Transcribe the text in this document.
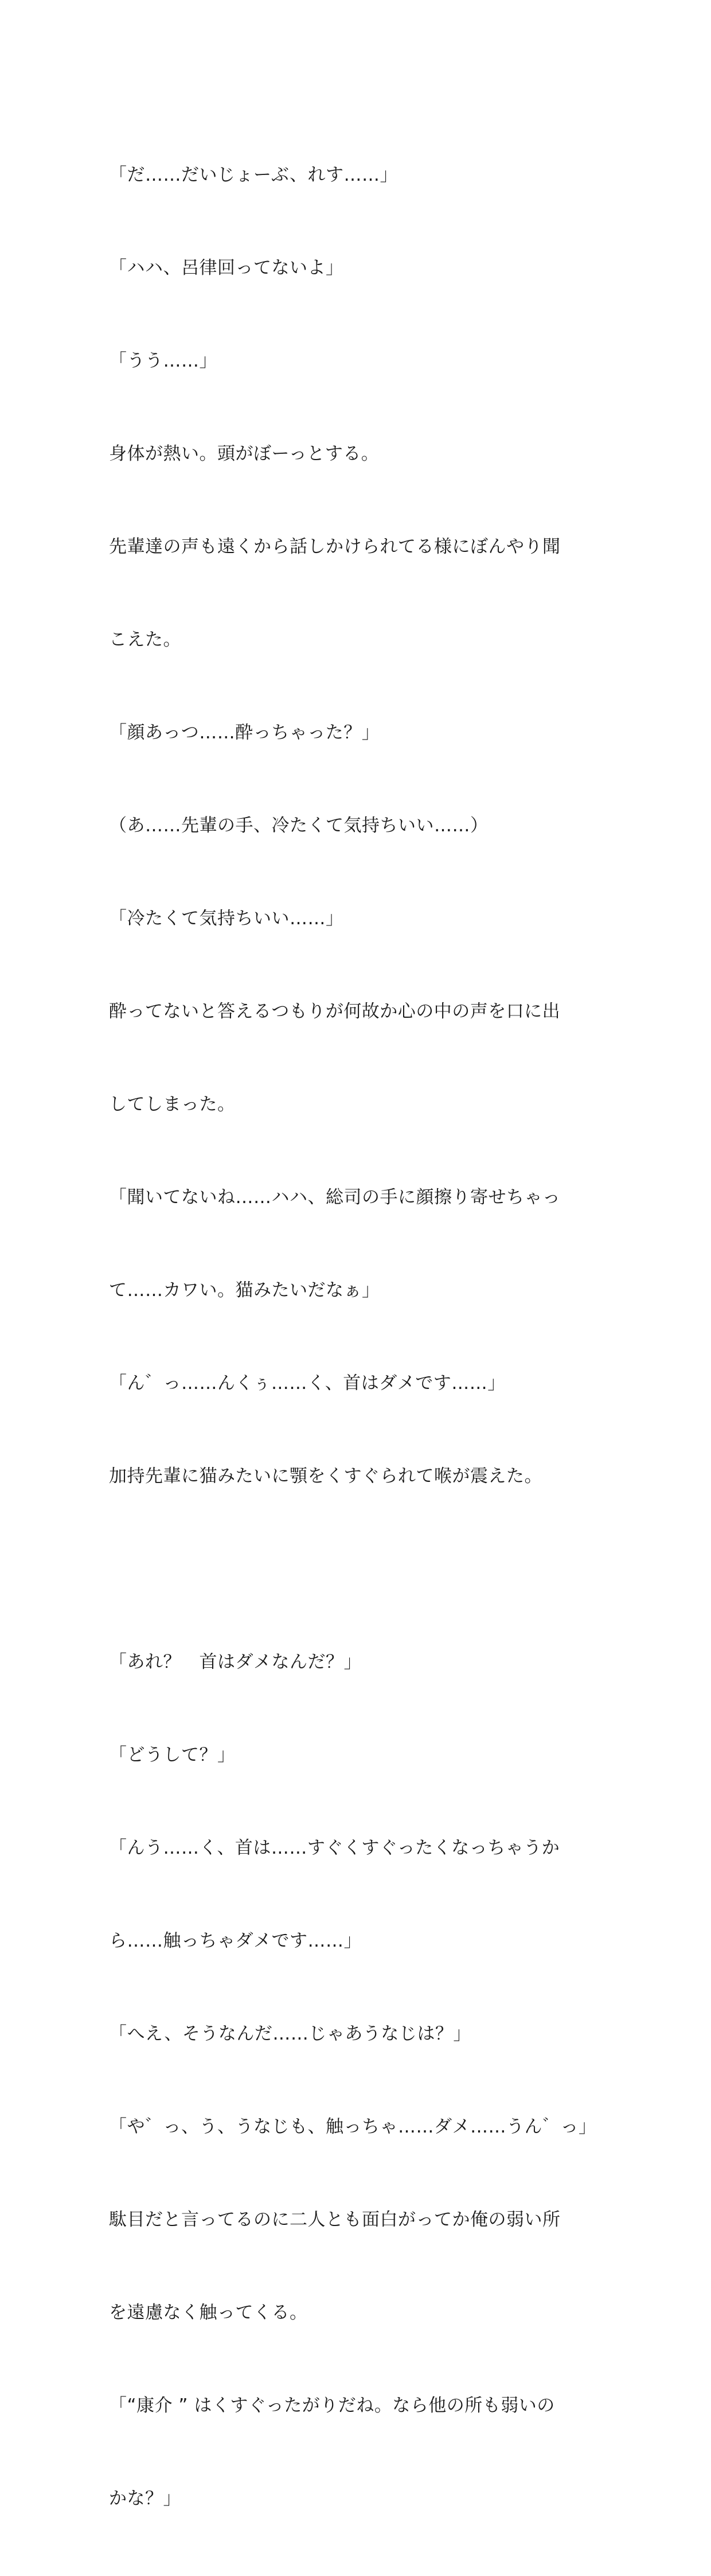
「だ……だいじょーぶ、れす……」

「ハハ、呂律回ってないよ」

「うう……」

身体が熱い。頭がぼーっとする。

先輩達の声も遠くから話しかけられてる様にぼんやり聞

こえた。

「顔あっつ……酔っちゃった？」

（あ……先輩の手、冷たくて気持ちいい……）

「冷たくて気持ちいい……」

酔ってないと答えるつもりが何故か心の中の声を口に出

してしまった。

「聞いてないね……ハハ、総司の手に顔擦り寄せちゃっ

て……カワい。猫みたいだなぁ」

「ん゛っ……んくぅ……く、首はダメです……」

加持先輩に猫みたいに顎をくすぐられて喉が震えた。

「あれ？　首はダメなんだ？」

「どうして？」

「んう……く、首は……すぐくすぐったくなっちゃうか

ら……触っちゃダメです……」

「へえ、そうなんだ……じゃあうなじは？」

「や゛っ、う、うなじも、触っちゃ……ダメ……うん゛っ」

駄目だと言ってるのに二人とも面白がってか俺の弱い所

を遠慮なく触ってくる。

「“康介 ” はくすぐったがりだね。なら他の所も弱いの

かな？」
